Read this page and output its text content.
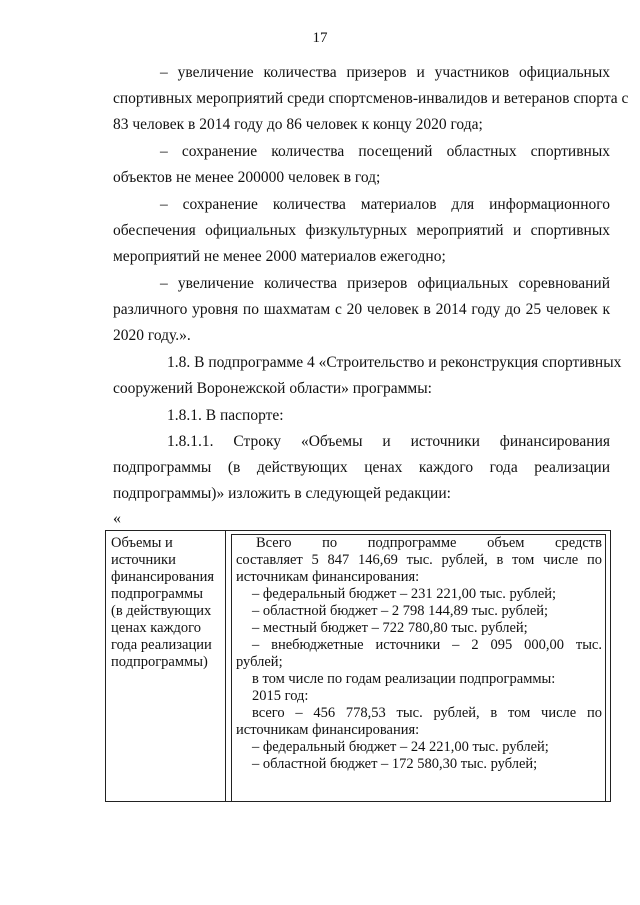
17
– увеличение количества призеров и участников официальных
спортивных мероприятий среди спортсменов-инвалидов и ветеранов спорта с
83 человек в 2014 году до 86 человек к концу 2020 года;
– сохранение количества посещений областных спортивных
объектов не менее 200000 человек в год;
– сохранение количества материалов для информационного
обеспечения официальных физкультурных мероприятий и спортивных
мероприятий не менее 2000 материалов ежегодно;
– увеличение количества призеров официальных соревнований
различного уровня по шахматам с 20 человек в 2014 году до 25 человек к
2020 году.».
1.8. В подпрограмме 4 «Строительство и реконструкция спортивных
сооружений Воронежской области» программы:
1.8.1. В паспорте:
1.8.1.1. Строку «Объемы и источники финансирования
подпрограммы (в действующих ценах каждого года реализации
подпрограммы)» изложить в следующей редакции:
«
Объемы и
источники
финансирования
подпрограммы
(в действующих
ценах каждого
года реализации
подпрограммы)
Всего по подпрограмме объем средств
составляет 5 847 146,69 тыс. рублей, в том числе по
источникам финансирования:
– федеральный бюджет – 231 221,00 тыс. рублей;
– областной бюджет – 2 798 144,89 тыс. рублей;
– местный бюджет – 722 780,80 тыс. рублей;
– внебюджетные источники – 2 095 000,00 тыс.
рублей;
в том числе по годам реализации подпрограммы:
2015 год:
всего – 456 778,53 тыс. рублей, в том числе по
источникам финансирования:
– федеральный бюджет – 24 221,00 тыс. рублей;
– областной бюджет – 172 580,30 тыс. рублей;
